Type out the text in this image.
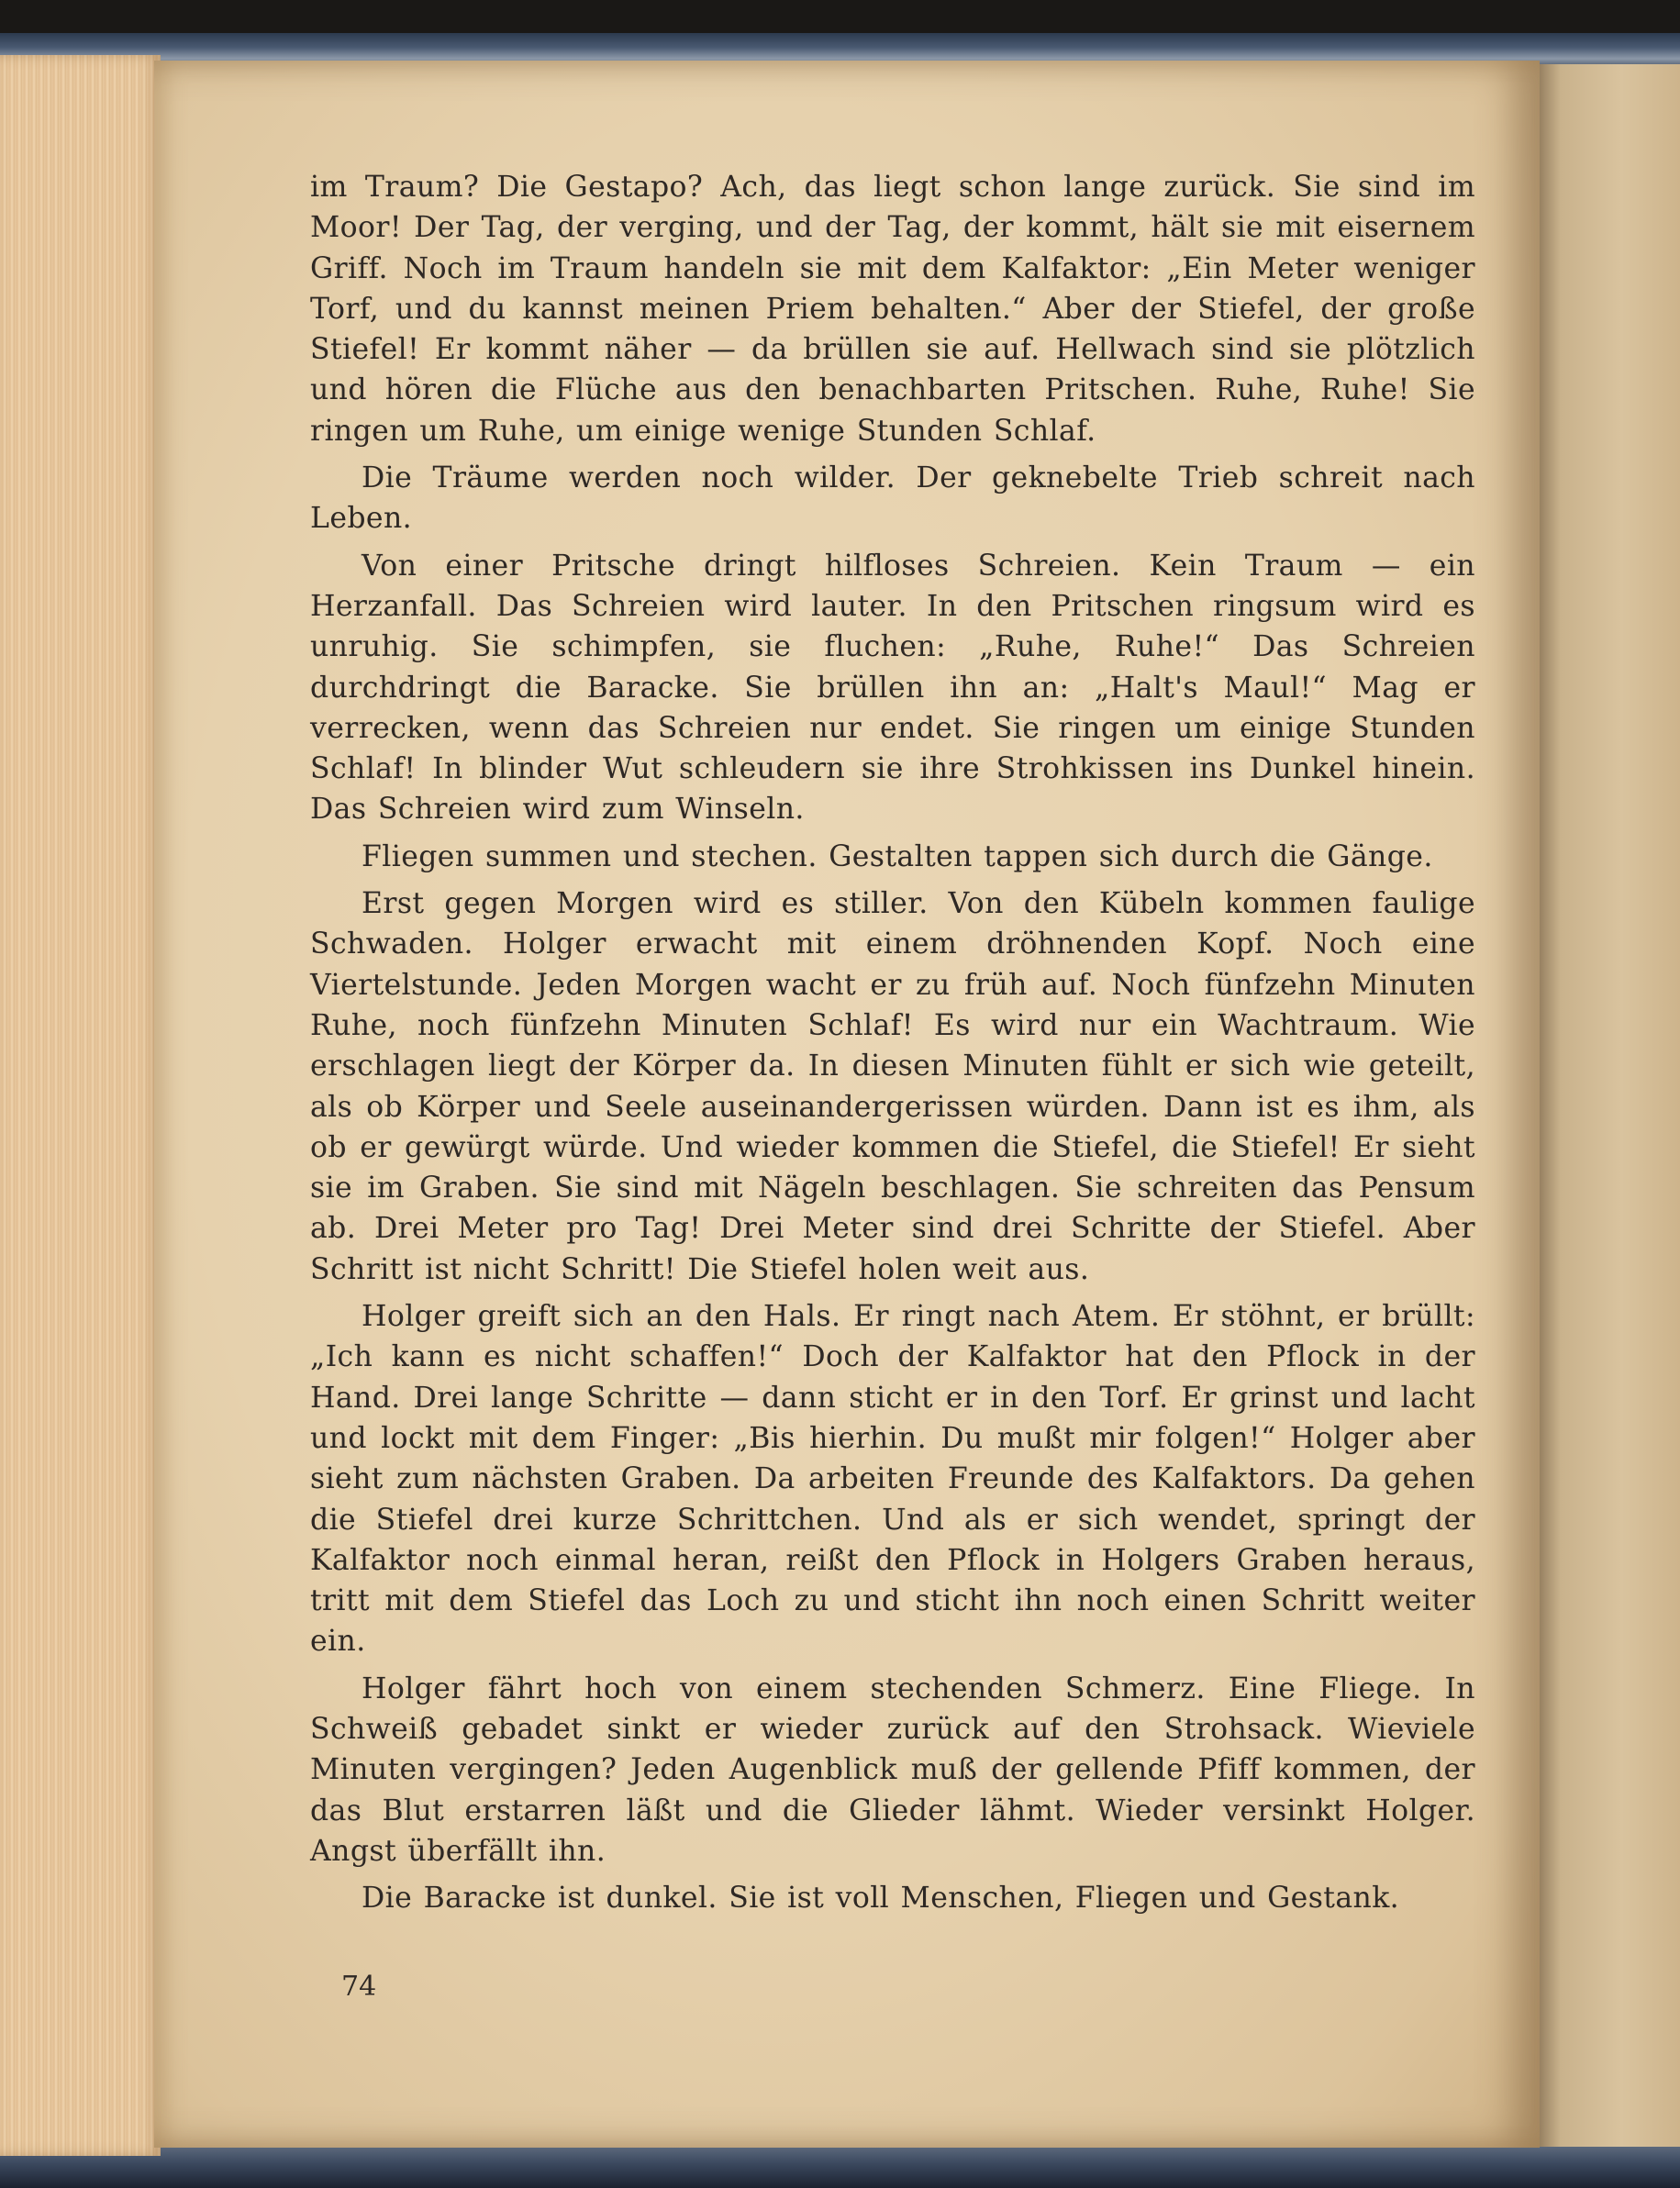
im Traum? Die Gestapo? Ach, das liegt schon lange zurück. Sie sind im Moor! Der Tag, der verging, und der Tag, der kommt, hält sie mit eisernem Griff. Noch im Traum handeln sie mit dem Kalfaktor: „Ein Meter weniger Torf, und du kannst meinen Priem behalten.“ Aber der Stiefel, der große Stiefel! Er kommt näher — da brüllen sie auf. Hellwach sind sie plötzlich und hören die Flüche aus den benachbarten Pritschen. Ruhe, Ruhe! Sie ringen um Ruhe, um einige wenige Stunden Schlaf.

Die Träume werden noch wilder. Der geknebelte Trieb schreit nach Leben.

Von einer Pritsche dringt hilfloses Schreien. Kein Traum — ein Herzanfall. Das Schreien wird lauter. In den Pritschen ringsum wird es unruhig. Sie schimpfen, sie fluchen: „Ruhe, Ruhe!“ Das Schreien durchdringt die Baracke. Sie brüllen ihn an: „Halt's Maul!“ Mag er verrecken, wenn das Schreien nur endet. Sie ringen um einige Stunden Schlaf! In blinder Wut schleudern sie ihre Strohkissen ins Dunkel hinein. Das Schreien wird zum Winseln.

Fliegen summen und stechen. Gestalten tappen sich durch die Gänge.

Erst gegen Morgen wird es stiller. Von den Kübeln kommen faulige Schwaden. Holger erwacht mit einem dröhnenden Kopf. Noch eine Viertelstunde. Jeden Morgen wacht er zu früh auf. Noch fünfzehn Minuten Ruhe, noch fünfzehn Minuten Schlaf! Es wird nur ein Wachtraum. Wie erschlagen liegt der Körper da. In diesen Minuten fühlt er sich wie geteilt, als ob Körper und Seele auseinandergerissen würden. Dann ist es ihm, als ob er gewürgt würde. Und wieder kommen die Stiefel, die Stiefel! Er sieht sie im Graben. Sie sind mit Nägeln beschlagen. Sie schreiten das Pensum ab. Drei Meter pro Tag! Drei Meter sind drei Schritte der Stiefel. Aber Schritt ist nicht Schritt! Die Stiefel holen weit aus.

Holger greift sich an den Hals. Er ringt nach Atem. Er stöhnt, er brüllt: „Ich kann es nicht schaffen!“ Doch der Kalfaktor hat den Pflock in der Hand. Drei lange Schritte — dann sticht er in den Torf. Er grinst und lacht und lockt mit dem Finger: „Bis hierhin. Du mußt mir folgen!“ Holger aber sieht zum nächsten Graben. Da arbeiten Freunde des Kalfaktors. Da gehen die Stiefel drei kurze Schrittchen. Und als er sich wendet, springt der Kalfaktor noch einmal heran, reißt den Pflock in Holgers Graben heraus, tritt mit dem Stiefel das Loch zu und sticht ihn noch einen Schritt weiter ein.

Holger fährt hoch von einem stechenden Schmerz. Eine Fliege. In Schweiß gebadet sinkt er wieder zurück auf den Strohsack. Wieviele Minuten vergingen? Jeden Augenblick muß der gellende Pfiff kommen, der das Blut erstarren läßt und die Glieder lähmt. Wieder versinkt Holger. Angst überfällt ihn.

Die Baracke ist dunkel. Sie ist voll Menschen, Fliegen und Gestank.

74
